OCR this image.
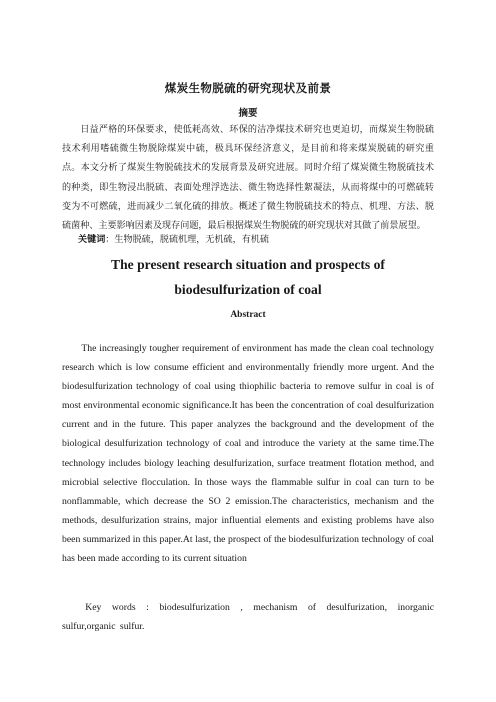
煤炭生物脱硫的研究现状及前景
摘要

日益严格的环保要求，使低耗高效、环保的洁净煤技术研究也更迫切，而煤炭生物脱硫技术利用嗜硫微生物脱除煤炭中硫，极具环保经济意义，是目前和将来煤炭脱硫的研究重点。本文分析了煤炭生物脱硫技术的发展背景及研究进展。同时介绍了煤炭微生物脱硫技术的种类，即生物浸出脱硫、表面处理浮选法、微生物选择性絮凝法，从而将煤中的可燃硫转变为不可燃硫，进而减少二氧化硫的排放。概述了微生物脱硫技术的特点、机理、方法、脱硫菌种、主要影响因素及现存问题，最后根据煤炭生物脱硫的研究现状对其做了前景展望。

关键词：生物脱硫，脱硫机理，无机硫，有机硫
The present research situation and prospects of
biodesulfurization of coal
Abstract

The increasingly tougher requirement of environment has made the clean coal technology research which is low consume efficient and environmentally friendly more urgent. And the biodesulfurization technology of coal using thiophilic bacteria to remove sulfur in coal is of most environmental economic significance.It has been the concentration of coal desulfurization current and in the future. This paper analyzes the background and the development of the biological desulfurization technology of coal and introduce the variety at the same time.The technology includes biology leaching desulfurization, surface treatment flotation method, and microbial selective flocculation. In those ways the flammable sulfur in coal can turn to be nonflammable, which decrease the SO 2 emission.The characteristics, mechanism and the methods, desulfurization strains, major influential elements and existing problems have also been summarized in this paper.At last, the prospect of the biodesulfurization technology of coal has been made according to its current situation

Key words : biodesulfurization , mechanism of desulfurization, inorganic sulfur,organic sulfur.
